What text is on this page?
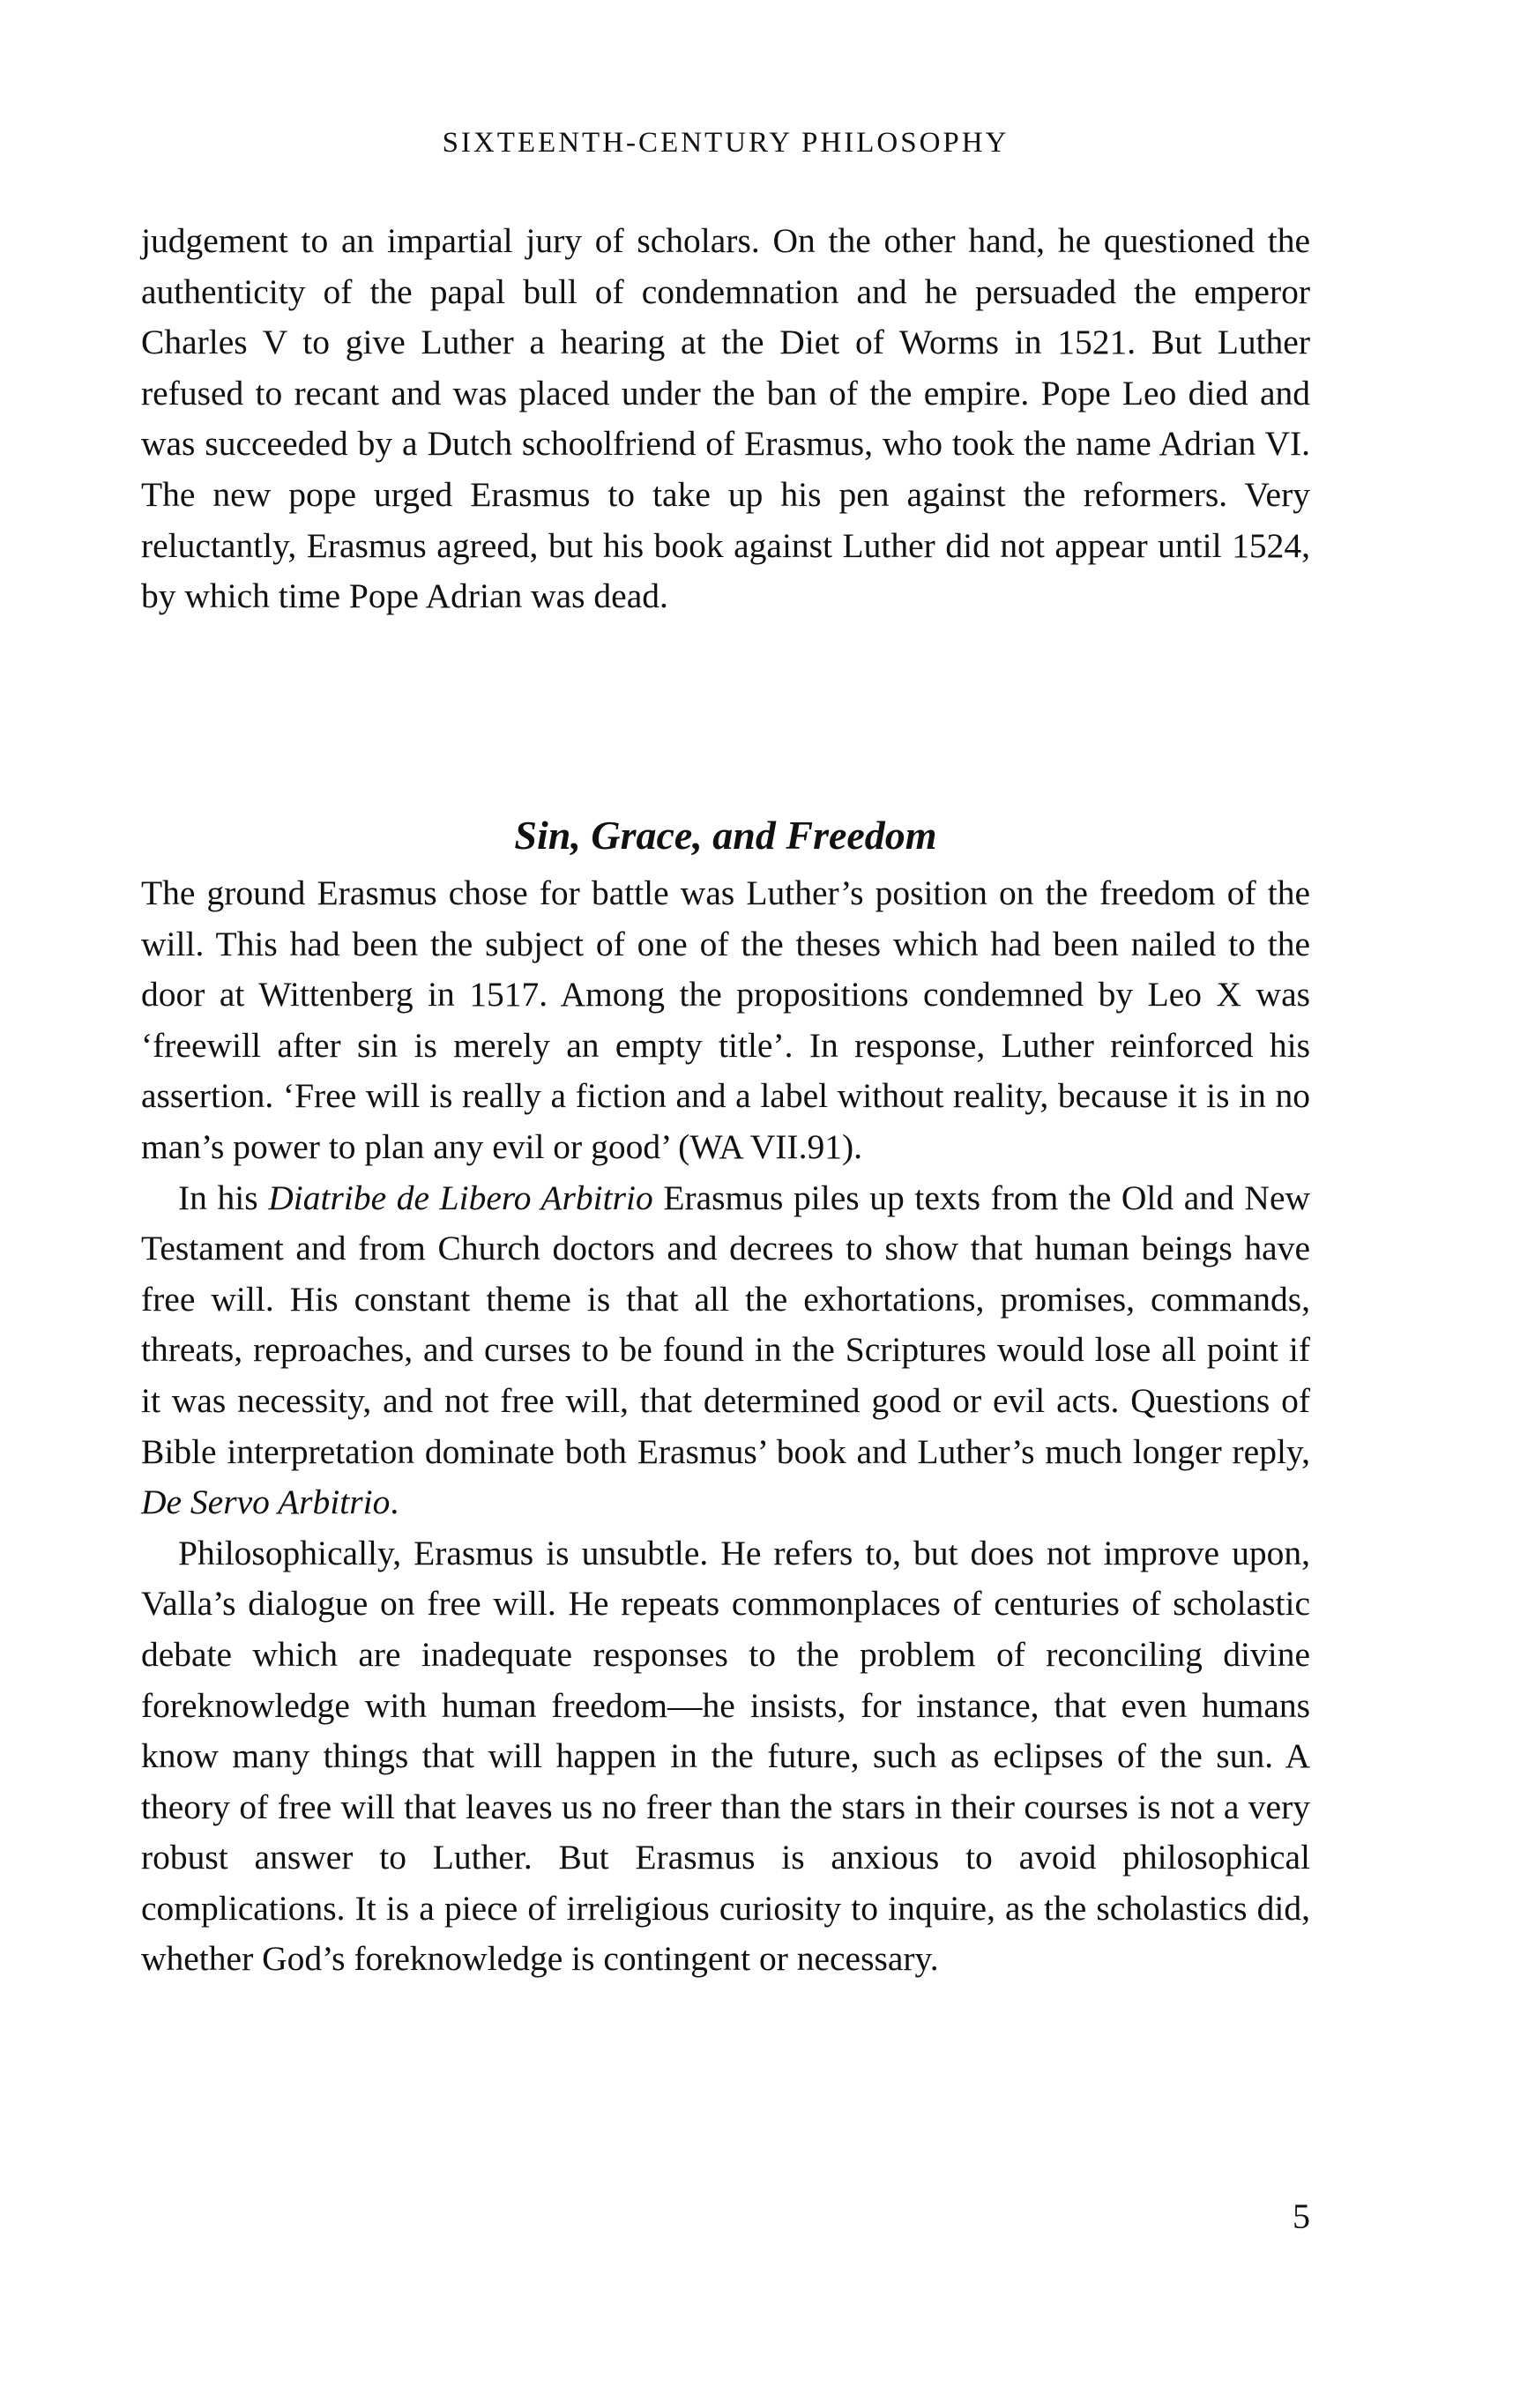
SIXTEENTH-CENTURY PHILOSOPHY

judgement to an impartial jury of scholars. On the other hand, he questioned the authenticity of the papal bull of condemnation and he persuaded the emperor Charles V to give Luther a hearing at the Diet of Worms in 1521. But Luther refused to recant and was placed under the ban of the empire. Pope Leo died and was succeeded by a Dutch schoolfriend of Erasmus, who took the name Adrian VI. The new pope urged Erasmus to take up his pen against the reformers. Very reluctantly, Erasmus agreed, but his book against Luther did not appear until 1524, by which time Pope Adrian was dead.

Sin, Grace, and Freedom

The ground Erasmus chose for battle was Luther’s position on the freedom of the will. This had been the subject of one of the theses which had been nailed to the door at Wittenberg in 1517. Among the propositions condemned by Leo X was ‘freewill after sin is merely an empty title’. In response, Luther reinforced his assertion. ‘Free will is really a fiction and a label without reality, because it is in no man’s power to plan any evil or good’ (WA VII.91).

In his Diatribe de Libero Arbitrio Erasmus piles up texts from the Old and New Testament and from Church doctors and decrees to show that human beings have free will. His constant theme is that all the exhortations, promises, commands, threats, reproaches, and curses to be found in the Scriptures would lose all point if it was necessity, and not free will, that determined good or evil acts. Questions of Bible interpretation dominate both Erasmus’ book and Luther’s much longer reply, De Servo Arbitrio.

Philosophically, Erasmus is unsubtle. He refers to, but does not improve upon, Valla’s dialogue on free will. He repeats commonplaces of centuries of scholastic debate which are inadequate responses to the problem of reconciling divine foreknowledge with human freedom—he insists, for instance, that even humans know many things that will happen in the future, such as eclipses of the sun. A theory of free will that leaves us no freer than the stars in their courses is not a very robust answer to Luther. But Erasmus is anxious to avoid philosophical complications. It is a piece of irreligious curiosity to inquire, as the scholastics did, whether God’s foreknowledge is contingent or necessary.

5
